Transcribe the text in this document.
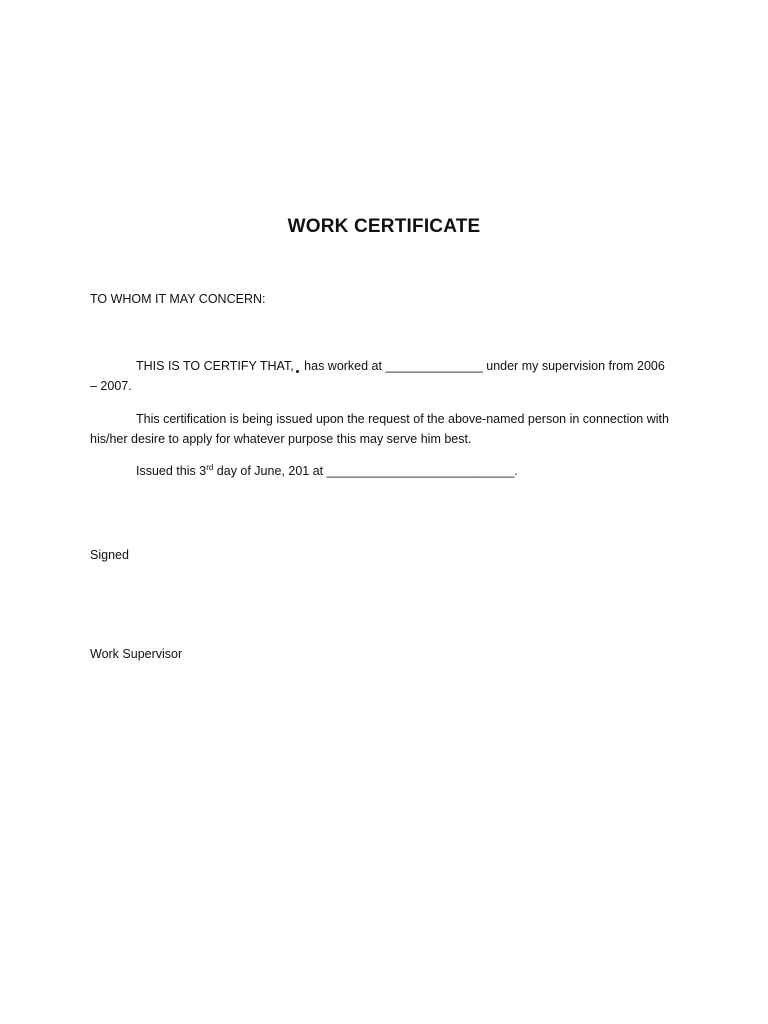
WORK CERTIFICATE
TO WHOM IT MAY CONCERN:
THIS IS TO CERTIFY THAT, has worked at ______________ under my supervision from 2006 – 2007.
This certification is being issued upon the request of the above-named person in connection with his/her desire to apply for whatever purpose this may serve him best.
Issued this 3rd day of June, 201 at ___________________________.
Signed
Work Supervisor
